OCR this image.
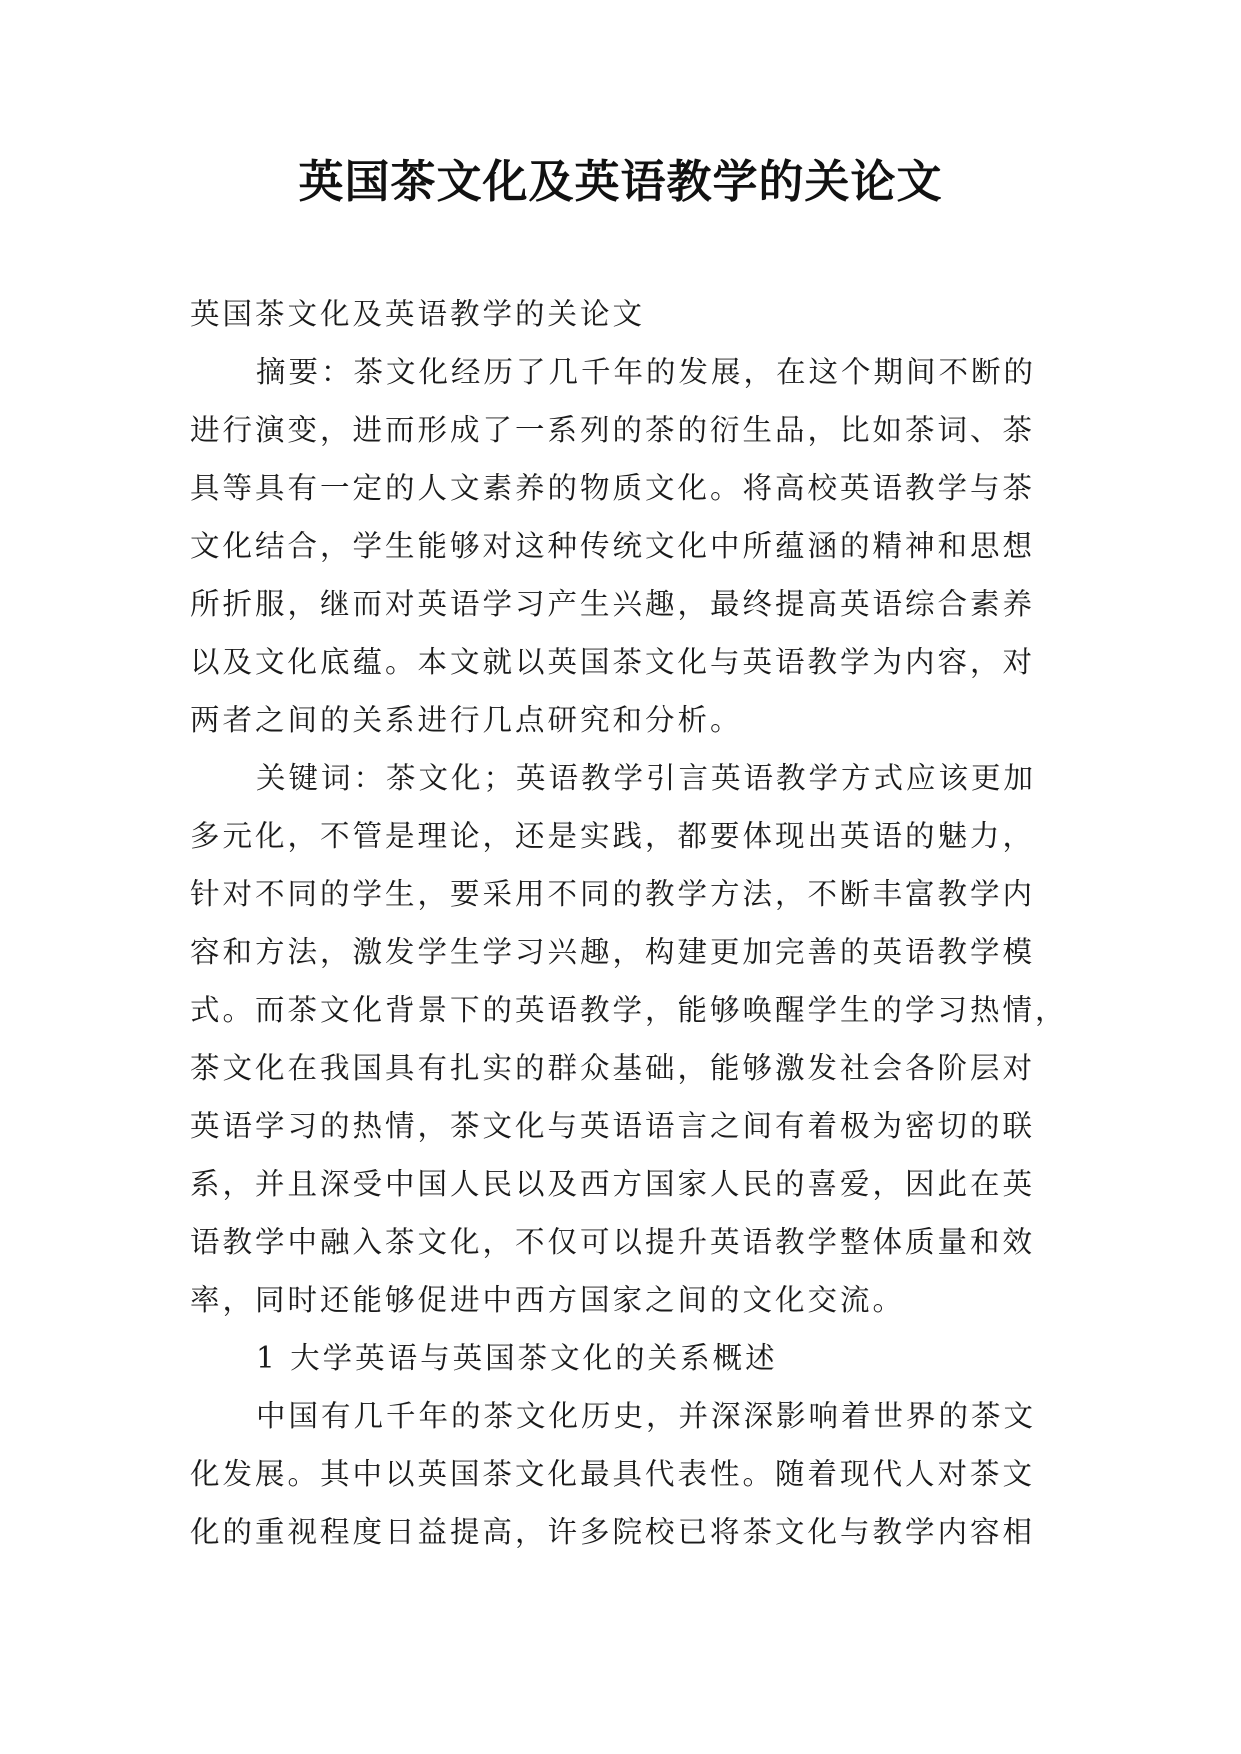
英国茶文化及英语教学的关论文
英国茶文化及英语教学的关论文
摘要：茶文化经历了几千年的发展，在这个期间不断的
进行演变，进而形成了一系列的茶的衍生品，比如茶词、茶
具等具有一定的人文素养的物质文化。将高校英语教学与茶
文化结合，学生能够对这种传统文化中所蕴涵的精神和思想
所折服，继而对英语学习产生兴趣，最终提高英语综合素养
以及文化底蕴。本文就以英国茶文化与英语教学为内容，对
两者之间的关系进行几点研究和分析。
关键词：茶文化；英语教学引言英语教学方式应该更加
多元化，不管是理论，还是实践，都要体现出英语的魅力，
针对不同的学生，要采用不同的教学方法，不断丰富教学内
容和方法，激发学生学习兴趣，构建更加完善的英语教学模
式。而茶文化背景下的英语教学，能够唤醒学生的学习热情，
茶文化在我国具有扎实的群众基础，能够激发社会各阶层对
英语学习的热情，茶文化与英语语言之间有着极为密切的联
系，并且深受中国人民以及西方国家人民的喜爱，因此在英
语教学中融入茶文化，不仅可以提升英语教学整体质量和效
率，同时还能够促进中西方国家之间的文化交流。
1 大学英语与英国茶文化的关系概述
中国有几千年的茶文化历史，并深深影响着世界的茶文
化发展。其中以英国茶文化最具代表性。随着现代人对茶文
化的重视程度日益提高，许多院校已将茶文化与教学内容相
